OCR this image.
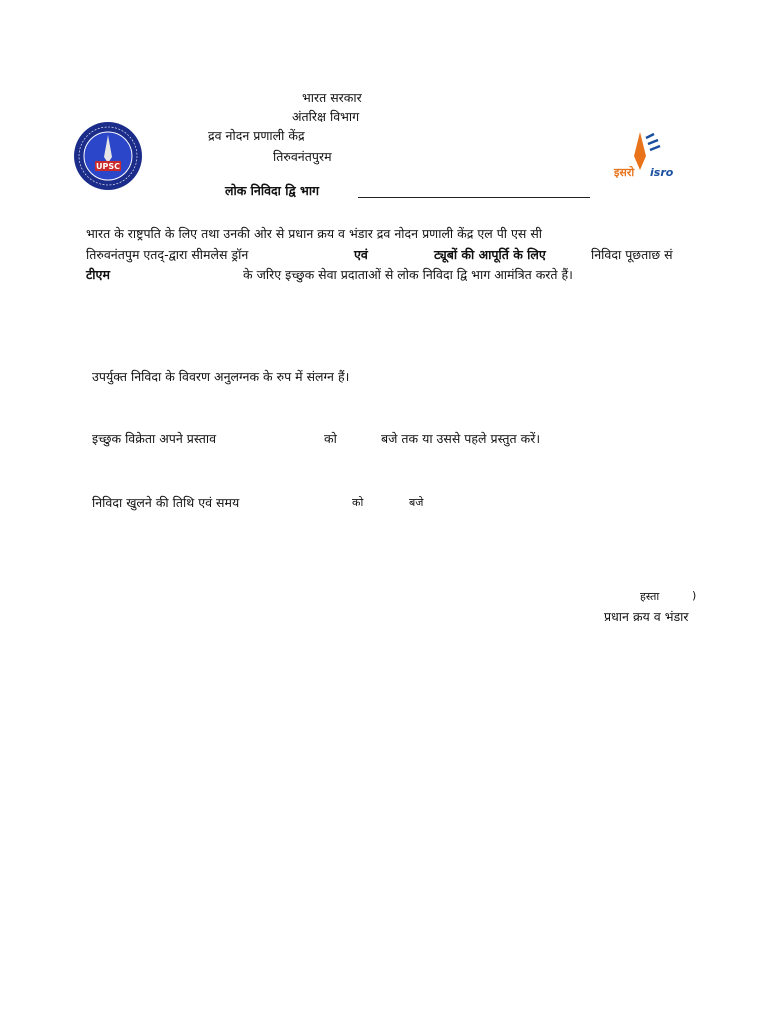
UPSC	इसरो isro
भारत सरकार
अंतरिक्ष विभाग
द्रव नोदन प्रणाली केंद्र
तिरुवनंतपुरम
लोक निविदा द्वि भाग
भारत के राष्ट्रपति के लिए तथा उनकी ओर से प्रधान क्रय व भंडार द्रव नोदन प्रणाली केंद्र एल पी एस सी
तिरुवनंतपुम एतद्-द्वारा सीमलेस ड्रॉन	एवं	ट्यूबों की आपूर्ति के लिए	निविदा पूछताछ सं
टीएम	के जरिए इच्छुक सेवा प्रदाताओं से लोक निविदा द्वि भाग आमंत्रित करते हैं।
उपर्युक्त निविदा के विवरण अनुलग्नक के रुप में संलग्न हैं।
इच्छुक विक्रेता अपने प्रस्ताव	को	बजे तक या उससे पहले प्रस्तुत करें।
निविदा खुलने की तिथि एवं समय	को	बजे
हस्ता	)
प्रधान क्रय व भंडार
